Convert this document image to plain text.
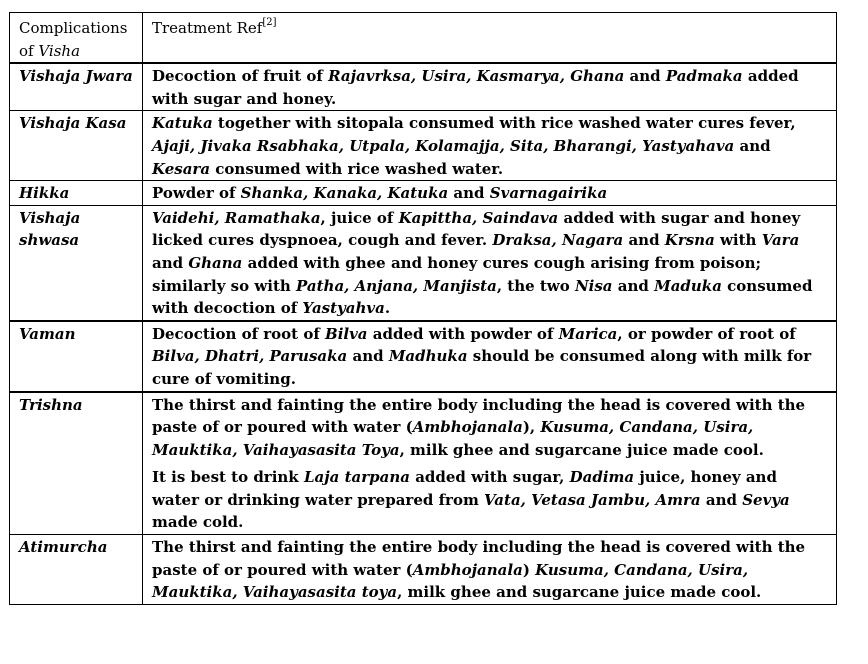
Complications
of Visha	Treatment Ref[2]
Vishaja Jwara	Decoction of fruit of Rajavrksa, Usira, Kasmarya, Ghana and Padmaka added with sugar and honey.

Vishaja Kasa	Katuka together with sitopala consumed with rice washed water cures fever, Ajaji, Jivaka Rsabhaka, Utpala, Kolamajja, Sita, Bharangi, Yastyahava and Kesara consumed with rice washed water.

Hikka	Powder of Shanka, Kanaka, Katuka and Svarnagairika

Vishaja
shwasa	Vaidehi, Ramathaka, juice of Kapittha, Saindava added with sugar and honey licked cures dyspnoea, cough and fever. Draksa, Nagara and Krsna with Vara and Ghana added with ghee and honey cures cough arising from poison; similarly so with Patha, Anjana, Manjista, the two Nisa and Maduka consumed with decoction of Yastyahva.

Vaman	Decoction of root of Bilva added with powder of Marica, or powder of root of Bilva, Dhatri, Parusaka and Madhuka should be consumed along with milk for cure of vomiting.

Trishna	The thirst and fainting the entire body including the head is covered with the paste of or poured with water (Ambhojanala), Kusuma, Candana, Usira, Mauktika, Vaihayasasita Toya, milk ghee and sugarcane juice made cool.

It is best to drink Laja tarpana added with sugar, Dadima juice, honey and water or drinking water prepared from Vata, Vetasa Jambu, Amra and Sevya made cold.

Atimurcha	The thirst and fainting the entire body including the head is covered with the paste of or poured with water (Ambhojanala) Kusuma, Candana, Usira, Mauktika, Vaihayasasita toya, milk ghee and sugarcane juice made cool.
